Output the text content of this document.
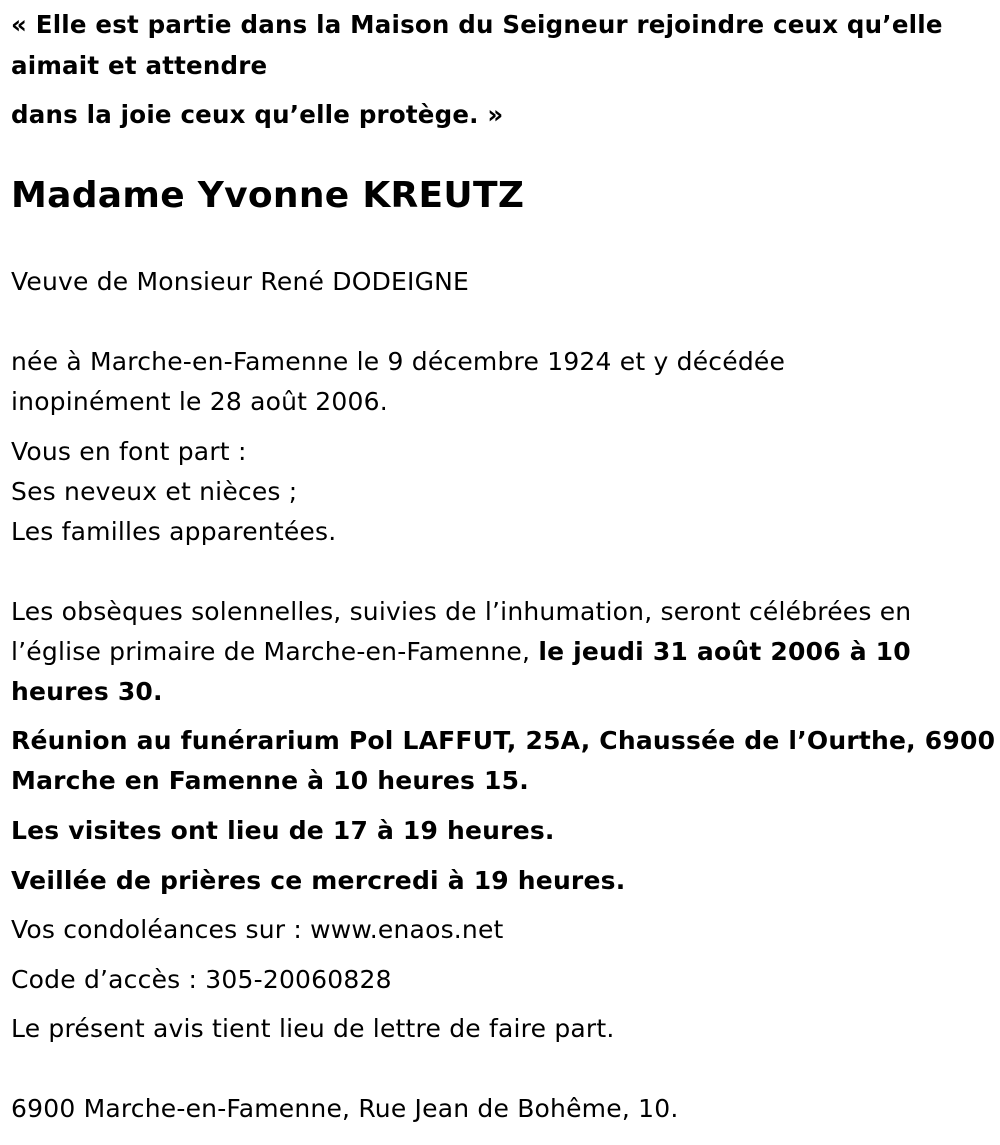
« Elle est partie dans la Maison du Seigneur rejoindre ceux qu’elle
aimait et attendre
dans la joie ceux qu’elle protège. »
Madame Yvonne KREUTZ
Veuve de Monsieur René DODEIGNE
née à Marche-en-Famenne le 9 décembre 1924 et y décédée
inopinément le 28 août 2006.
Vous en font part :
Ses neveux et nièces ;
Les familles apparentées.
Les obsèques solennelles, suivies de l’inhumation, seront célébrées en
l’église primaire de Marche-en-Famenne, le jeudi 31 août 2006 à 10
heures 30.
Réunion au funérarium Pol LAFFUT, 25A, Chaussée de l’Ourthe, 6900
Marche en Famenne à 10 heures 15.
Les visites ont lieu de 17 à 19 heures.
Veillée de prières ce mercredi à 19 heures.
Vos condoléances sur : www.enaos.net
Code d’accès : 305-20060828
Le présent avis tient lieu de lettre de faire part.
6900 Marche-en-Famenne, Rue Jean de Bohême, 10.
